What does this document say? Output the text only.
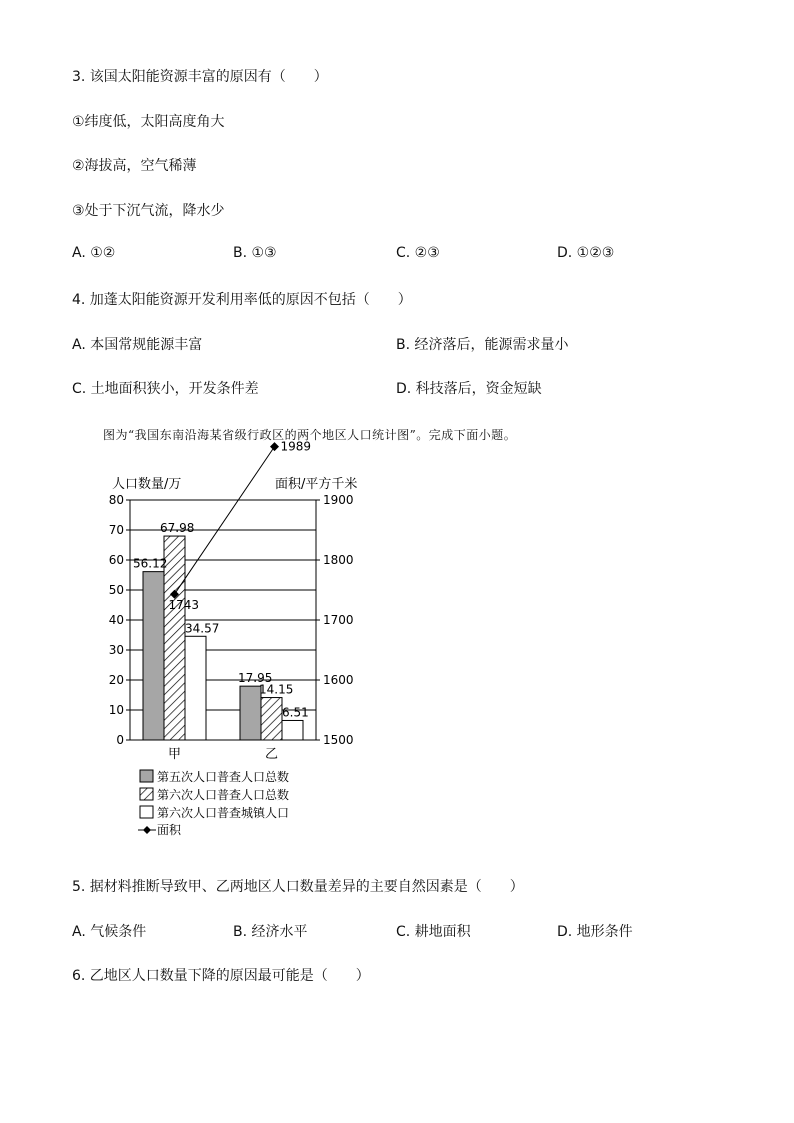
3. 该国太阳能资源丰富的原因有（　　）
①纬度低，太阳高度角大
②海拔高，空气稀薄
③处于下沉气流，降水少
A. ①②	B. ①③	C. ②③	D. ①②③
4. 加蓬太阳能资源开发利用率低的原因不包括（　　）
A. 本国常规能源丰富	B. 经济落后，能源需求量小
C. 土地面积狭小，开发条件差	D. 科技落后，资金短缺
图为“我国东南沿海某省级行政区的两个地区人口统计图”。完成下面小题。
0
10
20
30
40
50
60
70
80
1500
1600
1700
1800
1900
人口数量/万	面积/平方千米
56.12
67.98
34.57
甲
17.95
14.15
6.51
乙
1743
1989
第五次人口普查人口总数
第六次人口普查人口总数
第六次人口普查城镇人口
面积
5. 据材料推断导致甲、乙两地区人口数量差异的主要自然因素是（　　）
A. 气候条件	B. 经济水平	C. 耕地面积	D. 地形条件
6. 乙地区人口数量下降的原因最可能是（　　）
